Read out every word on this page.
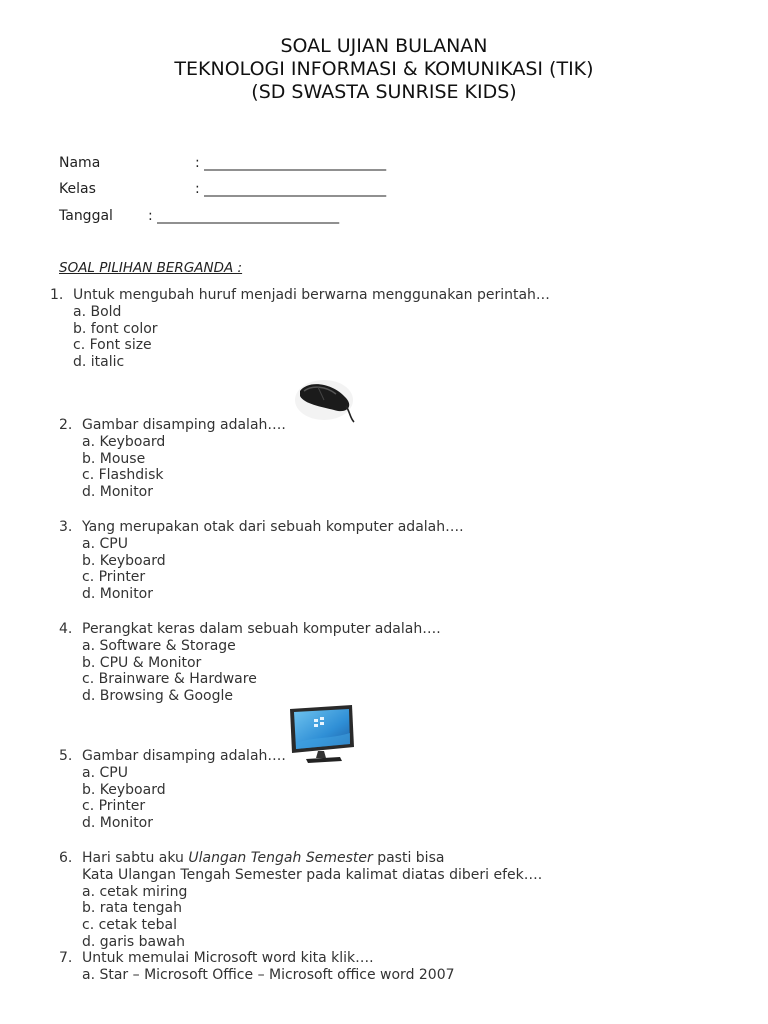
SOAL UJIAN BULANAN
TEKNOLOGI INFORMASI & KOMUNIKASI (TIK)
(SD SWASTA SUNRISE KIDS)
Nama	: __________________________
Kelas	: __________________________
Tanggal	: __________________________
SOAL PILIHAN BERGANDA :
1. Untuk mengubah huruf menjadi berwarna menggunakan perintah…
a. Bold
b. font color
c. Font size
d. italic
2. Gambar disamping adalah….
a. Keyboard
b. Mouse
c. Flashdisk
d. Monitor
3. Yang merupakan otak dari sebuah komputer adalah….
a. CPU
b. Keyboard
c. Printer
d. Monitor
4. Perangkat keras dalam sebuah komputer adalah….
a. Software & Storage
b. CPU & Monitor
c. Brainware & Hardware
d. Browsing & Google
5. Gambar disamping adalah….
a. CPU
b. Keyboard
c. Printer
d. Monitor
6. Hari sabtu aku Ulangan Tengah Semester pasti bisa
Kata Ulangan Tengah Semester pada kalimat diatas diberi efek….
a. cetak miring
b. rata tengah
c. cetak tebal
d. garis bawah
7. Untuk memulai Microsoft word kita klik….
a. Star – Microsoft Office – Microsoft office word 2007
